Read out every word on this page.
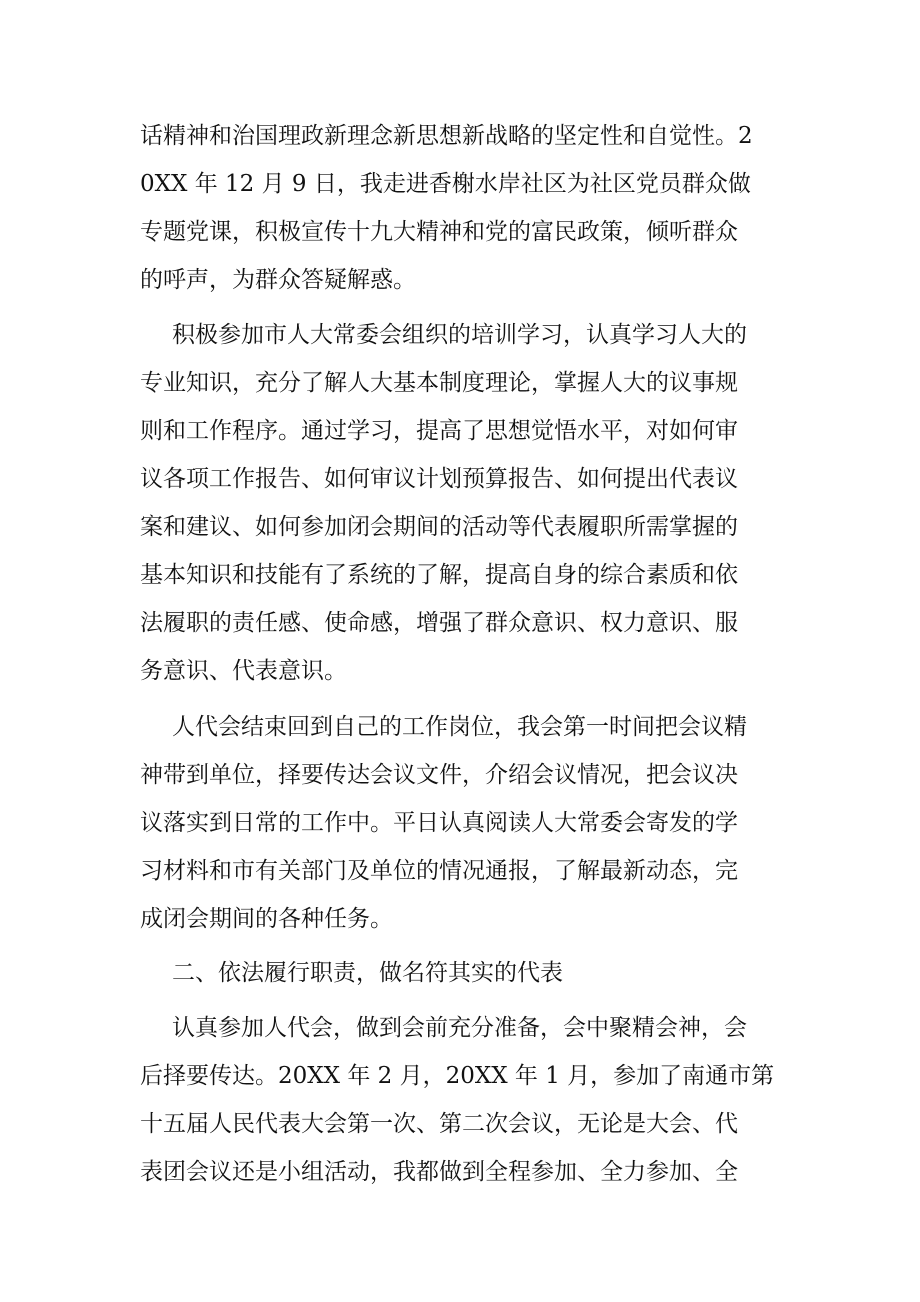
话精神和治国理政新理念新思想新战略的坚定性和自觉性。2

0XX 年 12 月 9 日，我走进香榭水岸社区为社区党员群众做

专题党课，积极宣传十九大精神和党的富民政策，倾听群众

的呼声，为群众答疑解惑。

积极参加市人大常委会组织的培训学习，认真学习人大的

专业知识，充分了解人大基本制度理论，掌握人大的议事规

则和工作程序。通过学习，提高了思想觉悟水平，对如何审

议各项工作报告、如何审议计划预算报告、如何提出代表议

案和建议、如何参加闭会期间的活动等代表履职所需掌握的

基本知识和技能有了系统的了解，提高自身的综合素质和依

法履职的责任感、使命感，增强了群众意识、权力意识、服

务意识、代表意识。

人代会结束回到自己的工作岗位，我会第一时间把会议精

神带到单位，择要传达会议文件，介绍会议情况，把会议决

议落实到日常的工作中。平日认真阅读人大常委会寄发的学

习材料和市有关部门及单位的情况通报，了解最新动态，完

成闭会期间的各种任务。

二、依法履行职责，做名符其实的代表

认真参加人代会，做到会前充分准备，会中聚精会神，会

后择要传达。20XX 年 2 月，20XX 年 1 月，参加了南通市第

十五届人民代表大会第一次、第二次会议，无论是大会、代

表团会议还是小组活动，我都做到全程参加、全力参加、全
